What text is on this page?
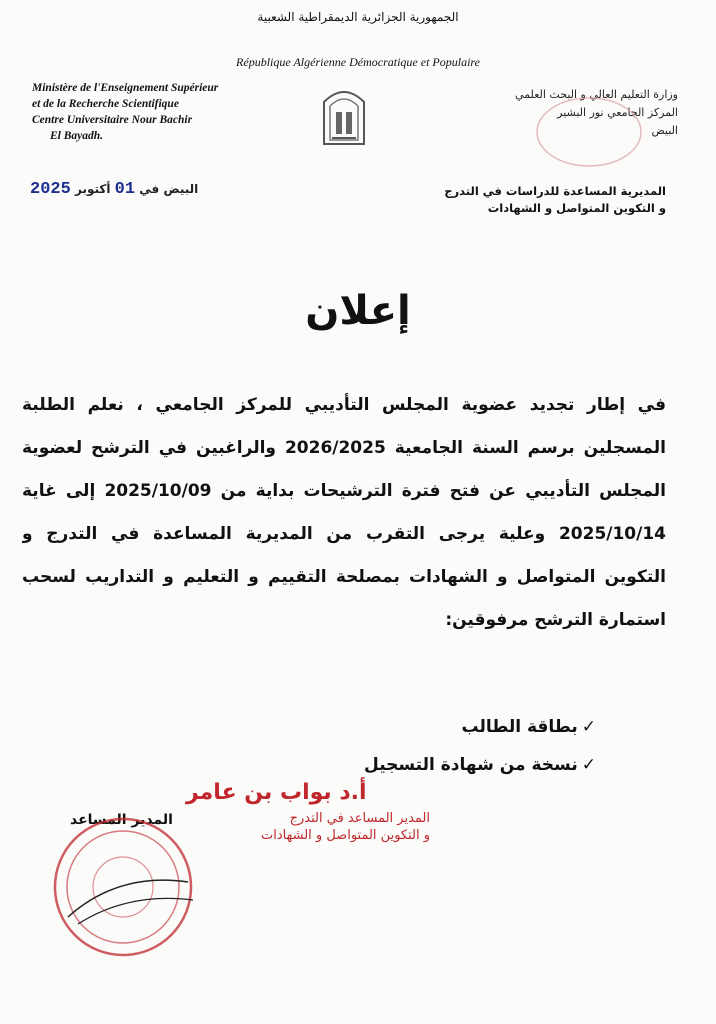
الجمهورية الجزائرية الديمقراطية الشعبية
République Algérienne Démocratique et Populaire
Ministère de l'Enseignement Supérieur
et de la Recherche Scientifique
Centre Universitaire Nour Bachir
El Bayadh.
وزارة التعليم العالي و البحث العلمي
المركز الجامعي نور البشير
البيض
البيض في 01 أكتوبر 2025	المديرية المساعدة للدراسات في التدرج
و التكوين المتواصل و الشهادات
إعلان
في إطار تجديد عضوية المجلس التأديبي للمركز الجامعي ، نعلم الطلبة
المسجلين برسم السنة الجامعية 2026/2025 والراغبين في الترشح لعضوية
المجلس التأديبي عن فتح فترة الترشيحات بداية من 2025/10/09 إلى غاية
2025/10/14 وعلية يرجى التقرب من المديرية المساعدة في التدرج و
التكوين المتواصل و الشهادات بمصلحة التقييم و التعليم و التداريب لسحب
استمارة الترشح مرفوقين:
✓بطاقة الطالب
✓نسخة من شهادة التسجيل
أ.د بواب بن عامر
المدير المساعد في التدرج
و التكوين المتواصل و الشهادات
المدير المساعد
